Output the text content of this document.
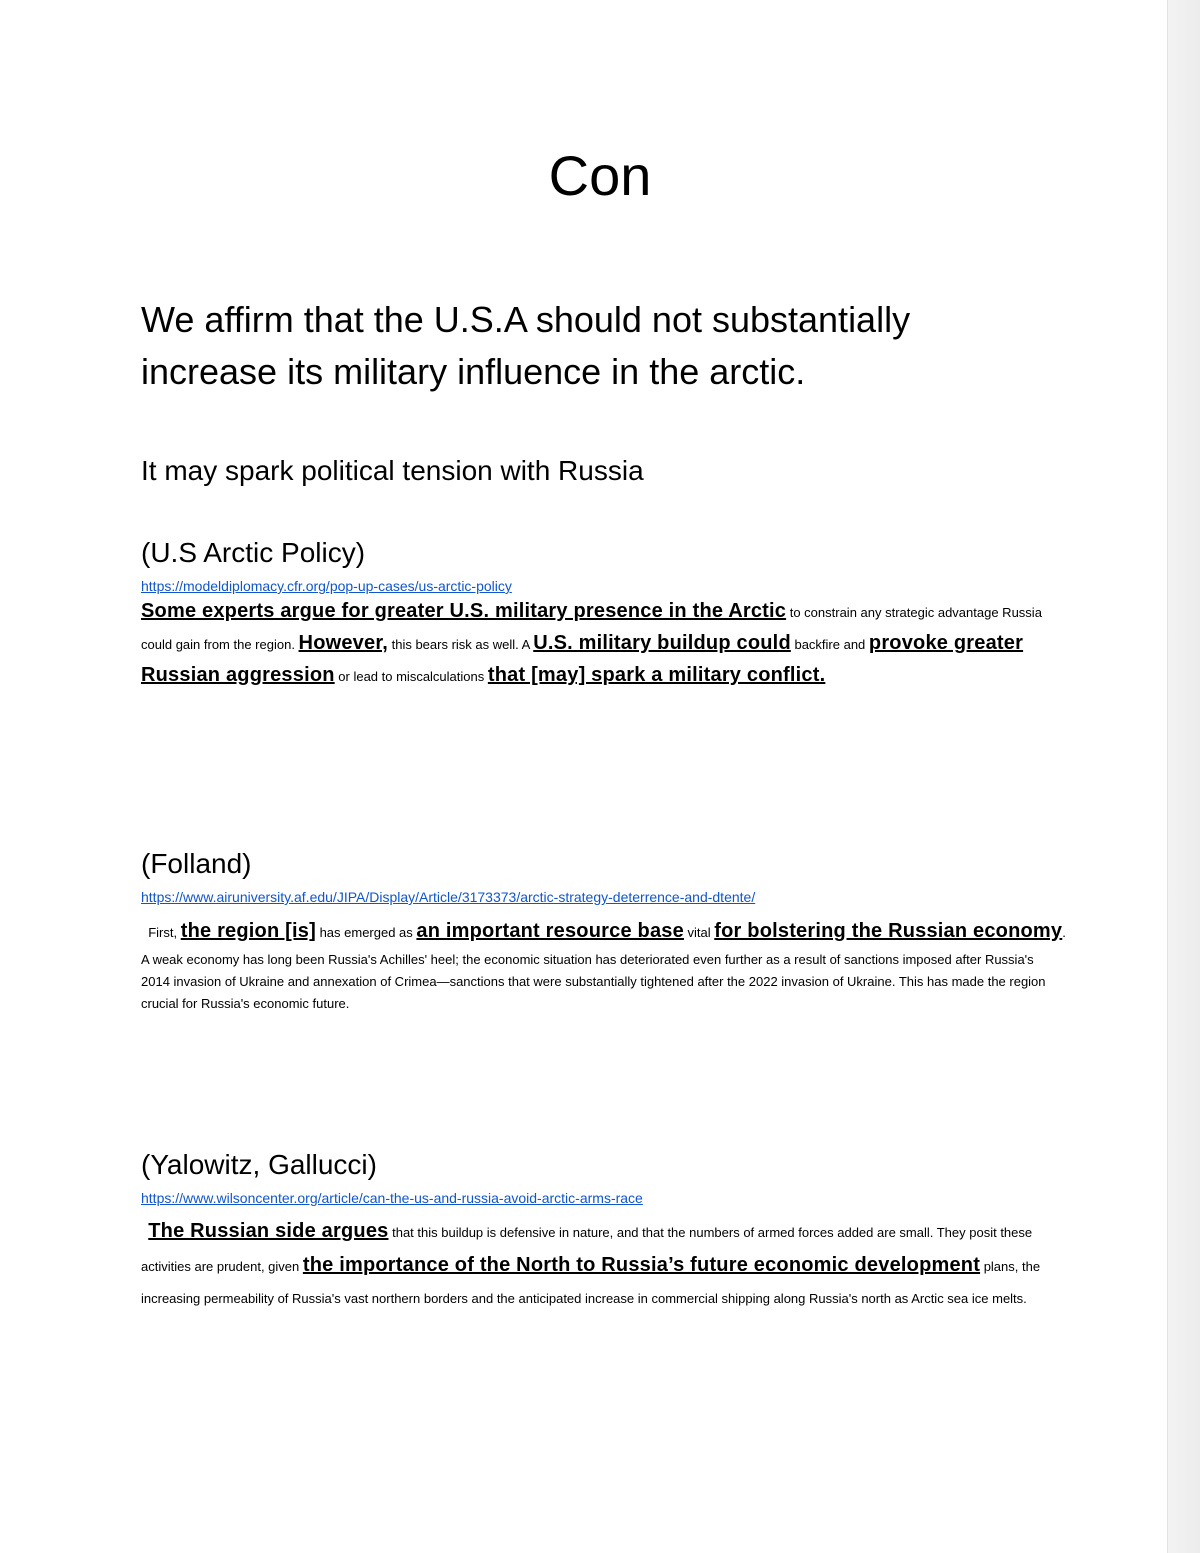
Con
We affirm that the U.S.A should not substantially increase its military influence in the arctic.
It may spark political tension with Russia
(U.S Arctic Policy)
https://modeldiplomacy.cfr.org/pop-up-cases/us-arctic-policy
Some experts argue for greater U.S. military presence in the Arctic to constrain any strategic advantage Russia could gain from the region. However, this bears risk as well. A U.S. military buildup could backfire and provoke greater Russian aggression or lead to miscalculations that [may] spark a military conflict.
(Folland)
https://www.airuniversity.af.edu/JIPA/Display/Article/3173373/arctic-strategy-deterrence-and-dtente/
First, the region [is] has emerged as an important resource base vital for bolstering the Russian economy. A weak economy has long been Russia's Achilles' heel; the economic situation has deteriorated even further as a result of sanctions imposed after Russia's 2014 invasion of Ukraine and annexation of Crimea—sanctions that were substantially tightened after the 2022 invasion of Ukraine. This has made the region crucial for Russia's economic future.
(Yalowitz, Gallucci)
https://www.wilsoncenter.org/article/can-the-us-and-russia-avoid-arctic-arms-race
The Russian side argues that this buildup is defensive in nature, and that the numbers of armed forces added are small. They posit these activities are prudent, given the importance of the North to Russia’s future economic development plans, the increasing permeability of Russia's vast northern borders and the anticipated increase in commercial shipping along Russia's north as Arctic sea ice melts.
